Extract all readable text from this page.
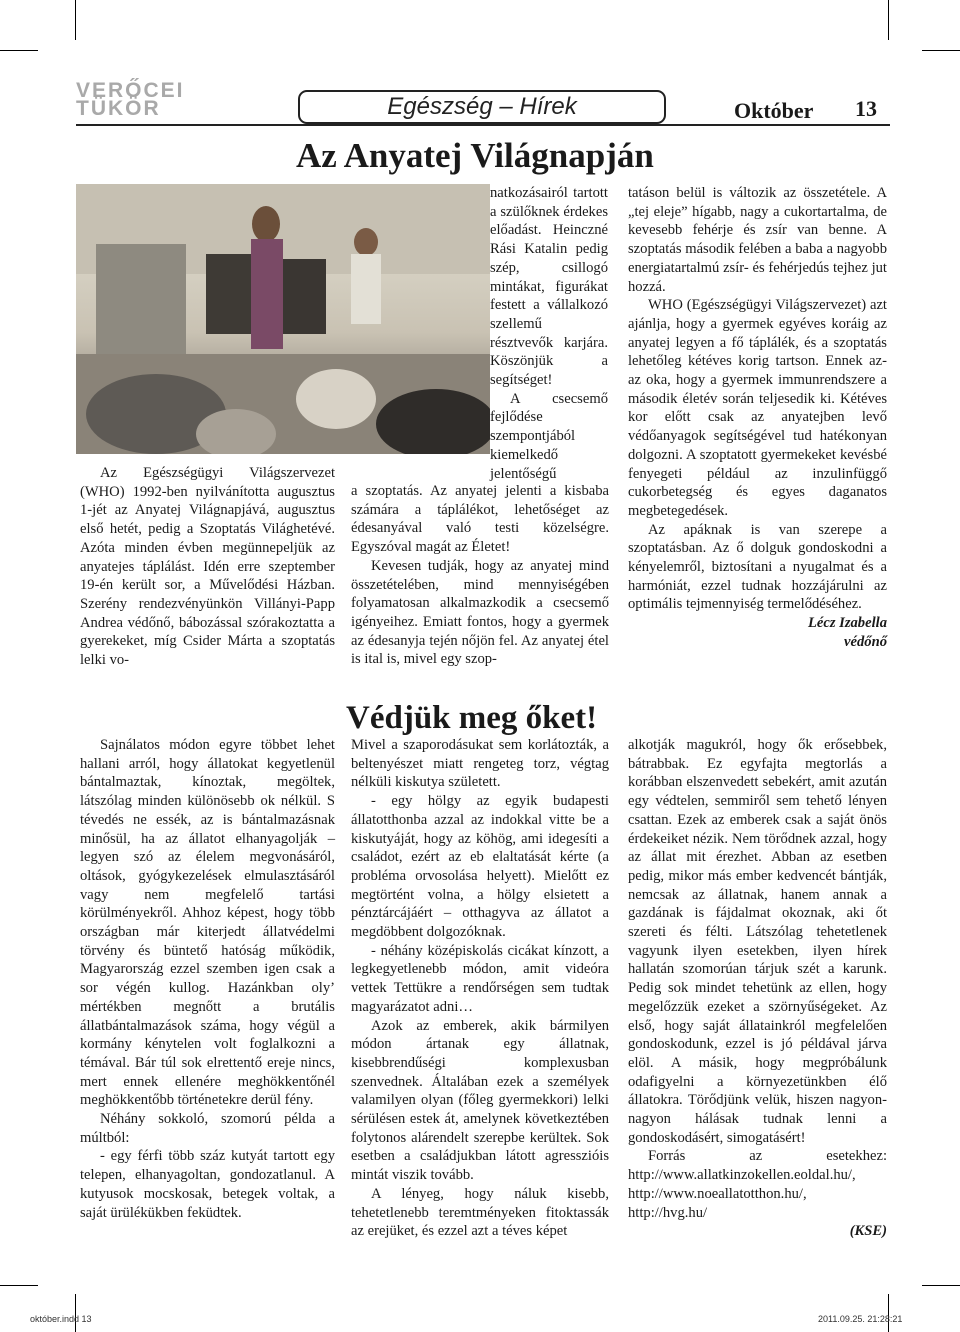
VERŐCEI
TÜKÖR	Egészség – Hírek	Október 13
Az Anyatej Világnapján

Az Egészségügyi Világszervezet (WHO) 1992-ben nyilvánította augusztus 1-jét az Anyatej Világnapjává, augusztus első hetét, pedig a Szoptatás Világhetévé. Azóta minden évben megünnepeljük az anyatejes táplálást. Idén erre szeptember 19-én került sor, a Művelődési Házban. Szerény rendezvényünkön Villányi-Papp Andrea védőnő, bábozással szórakoztatta a gyerekeket, míg Csider Márta a szoptatás lelki vo-

natkozásairól tartott a szülőknek érdekes előadást. Heinczné Rási Katalin pedig szép, csillogó mintákat, figurákat festett a vállalkozó szellemű résztvevők karjára. Köszönjük a segítséget!

A csecsemő fejlődése szempontjából kiemelkedő jelentőségű

a szoptatás. Az anyatej jelenti a kisbaba számára a táplálékot, lehetőséget az édesanyával való testi közelségre. Egyszóval magát az Életet!

Kevesen tudják, hogy az anyatej mind összetételében, mind mennyiségében folyamatosan alkalmazkodik a csecsemő igényeihez. Emiatt fontos, hogy a gyermek az édesanyja tején nőjön fel. Az anyatej étel is ital is, mivel egy szop-

tatáson belül is változik az összetétele. A „tej eleje” hígabb, nagy a cukortartalma, de kevesebb fehérje és zsír van benne. A szoptatás második felében a baba a nagyobb energiatartalmú zsír- és fehérjedús tejhez jut hozzá.

WHO (Egészségügyi Világszervezet) azt ajánlja, hogy a gyermek egyéves koráig az anyatej legyen a fő táplálék, és a szoptatás lehetőleg kétéves korig tartson. Ennek az- az oka, hogy a gyermek immunrendszere a második életév során teljesedik ki. Kétéves kor előtt csak az anyatejben levő védőanyagok segítségével tud hatékonyan dolgozni. A szoptatott gyermekeket kevésbé fenyegeti például az inzulinfüggő cukorbetegség és egyes daganatos megbetegedések.

Az apáknak is van szerepe a szoptatásban. Az ő dolguk gondoskodni a kényelemről, biztosítani a nyugalmat és a harmóniát, ezzel tudnak hozzájárulni az optimális tejmennyiség termelődéséhez.

Lécz Izabella
védőnő
Védjük meg őket!

Sajnálatos módon egyre többet lehet hallani arról, hogy állatokat kegyetlenül bántalmaztak, kínoztak, megöltek, látszólag minden különösebb ok nélkül. S tévedés ne essék, az is bántalmazásnak minősül, ha az állatot elhanyagolják – legyen szó az élelem megvonásáról, oltások, gyógykezelések elmulasztásáról vagy nem megfelelő tartási körülményekről. Ahhoz képest, hogy több országban már kiterjedt állatvédelmi törvény és büntető hatóság működik, Magyarország ezzel szemben igen csak a sor végén kullog. Hazánkban oly’ mértékben megnőtt a brutális állatbántalmazások száma, hogy végül a kormány kénytelen volt foglalkozni a témával. Bár túl sok elrettentő ereje nincs, mert ennek ellenére meghökkentőnél meghökkentőbb történetekre derül fény.

Néhány sokkoló, szomorú példa a múltból:

- egy férfi több száz kutyát tartott egy telepen, elhanyagoltan, gondozatlanul. A kutyusok mocskosak, betegek voltak, a saját ürülékükben feküdtek.

Mivel a szaporodásukat sem korlátozták, a beltenyészet miatt rengeteg torz, végtag nélküli kiskutya született.

- egy hölgy az egyik budapesti állatotthonba azzal az indokkal vitte be a kiskutyáját, hogy az köhög, ami idegesíti a családot, ezért az eb elaltatását kérte (a probléma orvosolása helyett). Mielőtt ez megtörtént volna, a hölgy elsietett a pénztárcájáért – otthagyva az állatot a megdöbbent dolgozóknak.

- néhány középiskolás cicákat kínzott, a legkegyetlenebb módon, amit videóra vettek Tettükre a rendőrségen sem tudtak magyarázatot adni…

Azok az emberek, akik bármilyen módon ártanak egy állatnak, kisebbrendűségi komplexusban szenvednek. Általában ezek a személyek valamilyen olyan (főleg gyermekkori) lelki sérülésen estek át, amelynek következtében folytonos alárendelt szerepbe kerültek. Sok esetben a családjukban látott agresszióis mintát viszik tovább.

A lényeg, hogy náluk kisebb, tehetetlenebb teremtményeken fitoktassák az erejüket, és ezzel azt a téves képet

alkotják magukról, hogy ők erősebbek, bátrabbak. Ez egyfajta megtorlás a korábban elszenvedett sebekért, amit azután egy védtelen, semmiről sem tehető lényen csattan. Ezek az emberek csak a saját önös érdekeiket nézik. Nem törődnek azzal, hogy az állat mit érezhet. Abban az esetben pedig, mikor más ember kedvencét bántják, nemcsak az állatnak, hanem annak a gazdának is fájdalmat okoznak, aki őt szereti és félti. Látszólag tehetetlenek vagyunk ilyen esetekben, ilyen hírek hallatán szomorúan tárjuk szét a karunk. Pedig sok mindet tehetünk az ellen, hogy megelőzzük ezeket a szörnyűségeket. Az első, hogy saját állatainkról megfelelően gondoskodunk, ezzel is jó példával járva elöl. A másik, hogy megpróbálunk odafigyelni a környezetünkben élő állatokra. Törődjünk velük, hiszen nagyon-nagyon hálásak tudnak lenni a gondoskodásért, simogatásért!

Forrás az esetekhez: http://www.allatkinzokellen.eoldal.hu/, http://www.noeallatotthon.hu/, http://hvg.hu/

(KSE)
október.indd 13	2011.09.25. 21:28:21
